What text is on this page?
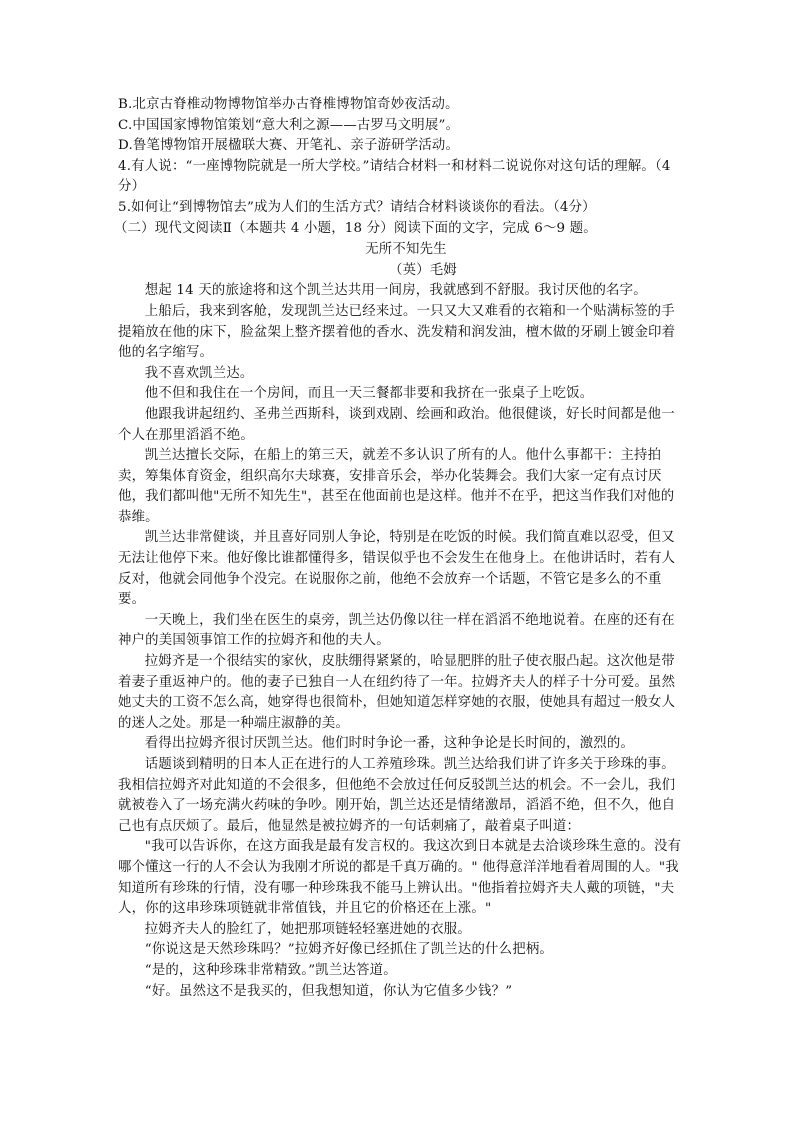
B.北京古脊椎动物博物馆举办古脊椎博物馆奇妙夜活动。

C.中国国家博物馆策划“意大利之源——古罗马文明展”。

D.鲁笔博物馆开展楹联大赛、开笔礼、亲子游研学活动。

4.有人说：“一座博物院就是一所大学校。”请结合材料一和材料二说说你对这句话的理解。（4分）

5.如何让“到博物馆去”成为人们的生活方式？请结合材料谈谈你的看法。（4分）

（二）现代文阅读Ⅱ（本题共 4 小题，18 分）阅读下面的文字，完成 6～9 题。

无所不知先生

（英）毛姆

想起 14 天的旅途将和这个凯兰达共用一间房，我就感到不舒服。我讨厌他的名字。

上船后，我来到客舱，发现凯兰达已经来过。一只又大又难看的衣箱和一个贴满标签的手提箱放在他的床下，脸盆架上整齐摆着他的香水、洗发精和润发油，檀木做的牙刷上镀金印着他的名字缩写。

我不喜欢凯兰达。

他不但和我住在一个房间，而且一天三餐都非要和我挤在一张桌子上吃饭。

他跟我讲起纽约、圣弗兰西斯科，谈到戏剧、绘画和政治。他很健谈，好长时间都是他一个人在那里滔滔不绝。

凯兰达擅长交际，在船上的第三天，就差不多认识了所有的人。他什么事都干：主持拍卖，筹集体育资金，组织高尔夫球赛，安排音乐会，举办化装舞会。我们大家一定有点讨厌他，我们都叫他"无所不知先生"，甚至在他面前也是这样。他并不在乎，把这当作我们对他的恭维。

凯兰达非常健谈，并且喜好同别人争论，特别是在吃饭的时候。我们简直难以忍受，但又无法让他停下来。他好像比谁都懂得多，错误似乎也不会发生在他身上。在他讲话时，若有人反对，他就会同他争个没完。在说服你之前，他绝不会放弃一个话题，不管它是多么的不重要。

一天晚上，我们坐在医生的桌旁，凯兰达仍像以往一样在滔滔不绝地说着。在座的还有在神户的美国领事馆工作的拉姆齐和他的夫人。

拉姆齐是一个很结实的家伙，皮肤绷得紧紧的，哈显肥胖的肚子使衣服凸起。这次他是带着妻子重返神户的。他的妻子已独自一人在纽约待了一年。拉姆齐夫人的样子十分可爱。虽然她丈夫的工资不怎么高，她穿得也很简朴，但她知道怎样穿她的衣服，使她具有超过一般女人的迷人之处。那是一种端庄淑静的美。

看得出拉姆齐很讨厌凯兰达。他们时时争论一番，这种争论是长时间的，激烈的。

话题谈到精明的日本人正在进行的人工养殖珍珠。凯兰达给我们讲了许多关于珍珠的事。我相信拉姆齐对此知道的不会很多，但他绝不会放过任何反驳凯兰达的机会。不一会儿，我们就被卷入了一场充满火药味的争吵。刚开始，凯兰达还是情绪激昂，滔滔不绝，但不久，他自己也有点厌烦了。最后，他显然是被拉姆齐的一句话刺痛了，敲着桌子叫道：

"我可以告诉你，在这方面我是最有发言权的。我这次到日本就是去洽谈珍珠生意的。没有哪个懂这一行的人不会认为我刚才所说的都是千真万确的。" 他得意洋洋地看着周围的人。"我知道所有珍珠的行情，没有哪一种珍珠我不能马上辨认出。"他指着拉姆齐夫人戴的项链，"夫人，你的这串珍珠项链就非常值钱，并且它的价格还在上涨。"

拉姆齐夫人的脸红了，她把那项链轻轻塞进她的衣服。

“你说这是天然珍珠吗？”拉姆齐好像已经抓住了凯兰达的什么把柄。

“是的，这种珍珠非常精致。”凯兰达答道。

“好。虽然这不是我买的，但我想知道，你认为它值多少钱？”
